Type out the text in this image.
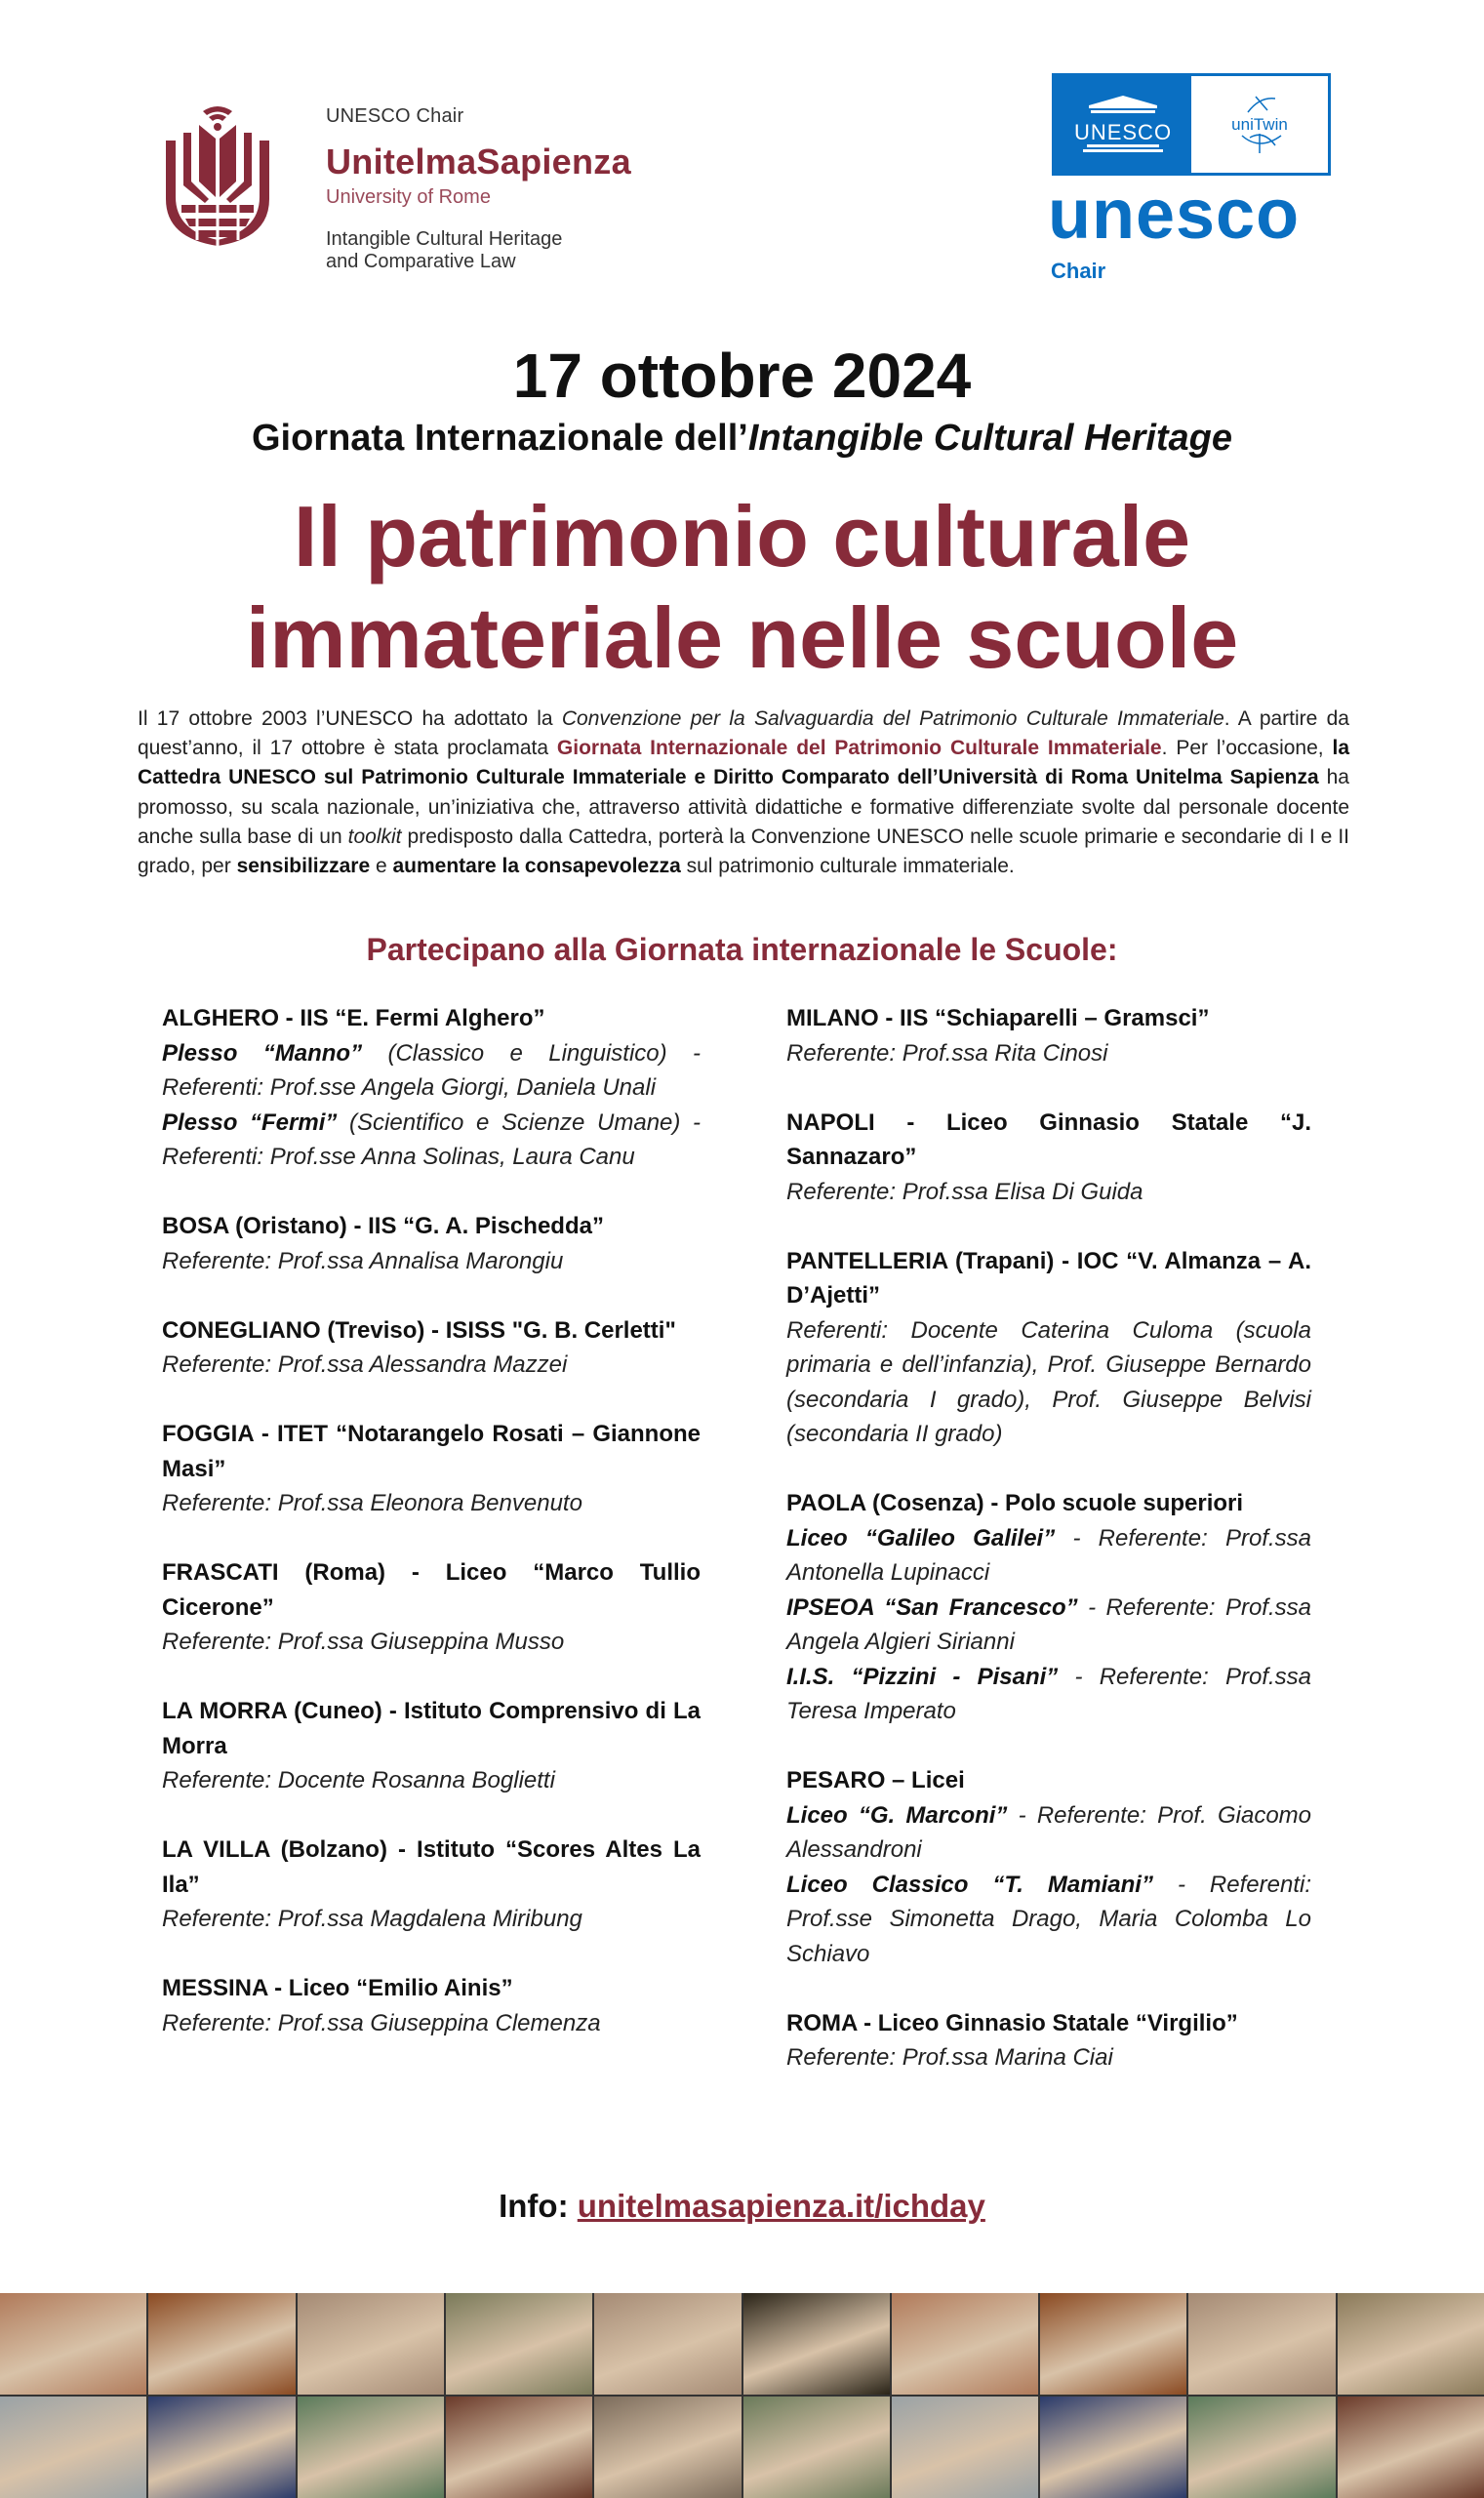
UNESCO Chair
UnitelmaSapienza
University of Rome
Intangible Cultural Heritage
and Comparative Law
UNESCO	uniTwin
unesco
Chair
17 ottobre 2024
Giornata Internazionale dell’Intangible Cultural Heritage
Il patrimonio culturale
immateriale nelle scuole
Il 17 ottobre 2003 l’UNESCO ha adottato la Convenzione per la Salvaguardia del Patrimonio Culturale Immateriale. A partire da quest’anno, il 17 ottobre è stata proclamata Giornata Internazionale del Patrimonio Culturale Immateriale. Per l’occasione, la Cattedra UNESCO sul Patrimonio Culturale Immateriale e Diritto Comparato dell’Università di Roma Unitelma Sapienza ha promosso, su scala nazionale, un’iniziativa che, attraverso attività didattiche e formative differenziate svolte dal personale docente anche sulla base di un toolkit predisposto dalla Cattedra, porterà la Convenzione UNESCO nelle scuole primarie e secondarie di I e II grado, per sensibilizzare e aumentare la consapevolezza sul patrimonio culturale immateriale.
Partecipano alla Giornata internazionale le Scuole:
ALGHERO - IIS “E. Fermi Alghero”
Plesso “Manno” (Classico e Linguistico) - Referenti: Prof.sse Angela Giorgi, Daniela Unali
Plesso “Fermi” (Scientifico e Scienze Umane) - Referenti: Prof.sse Anna Solinas, Laura Canu
BOSA (Oristano) - IIS “G. A. Pischedda”
Referente: Prof.ssa Annalisa Marongiu
CONEGLIANO (Treviso) - ISISS "G. B. Cerletti"
Referente: Prof.ssa Alessandra Mazzei
FOGGIA - ITET “Notarangelo Rosati – Giannone Masi”
Referente: Prof.ssa Eleonora Benvenuto
FRASCATI (Roma) - Liceo “Marco Tullio Cicerone”
Referente: Prof.ssa Giuseppina Musso
LA MORRA (Cuneo) - Istituto Comprensivo di La Morra
Referente: Docente Rosanna Boglietti
LA VILLA (Bolzano) - Istituto “Scores Altes La Ila”
Referente: Prof.ssa Magdalena Miribung
MESSINA - Liceo “Emilio Ainis”
Referente: Prof.ssa Giuseppina Clemenza
MILANO - IIS “Schiaparelli – Gramsci”
Referente: Prof.ssa Rita Cinosi
NAPOLI - Liceo Ginnasio Statale “J. Sannazaro”
Referente: Prof.ssa Elisa Di Guida
PANTELLERIA (Trapani) - IOC “V. Almanza – A. D’Ajetti”
Referenti: Docente Caterina Culoma (scuola primaria e dell’infanzia), Prof. Giuseppe Bernardo (secondaria I grado), Prof. Giuseppe Belvisi (secondaria II grado)
PAOLA (Cosenza) - Polo scuole superiori
Liceo “Galileo Galilei” - Referente: Prof.ssa Antonella Lupinacci
IPSEOA “San Francesco” - Referente: Prof.ssa Angela Algieri Sirianni
I.I.S. “Pizzini - Pisani” - Referente: Prof.ssa Teresa Imperato
PESARO – Licei
Liceo “G. Marconi” - Referente: Prof. Giacomo Alessandroni
Liceo Classico “T. Mamiani” - Referenti: Prof.sse Simonetta Drago, Maria Colomba Lo Schiavo
ROMA - Liceo Ginnasio Statale “Virgilio”
Referente: Prof.ssa Marina Ciai
Info: unitelmasapienza.it/ichday
